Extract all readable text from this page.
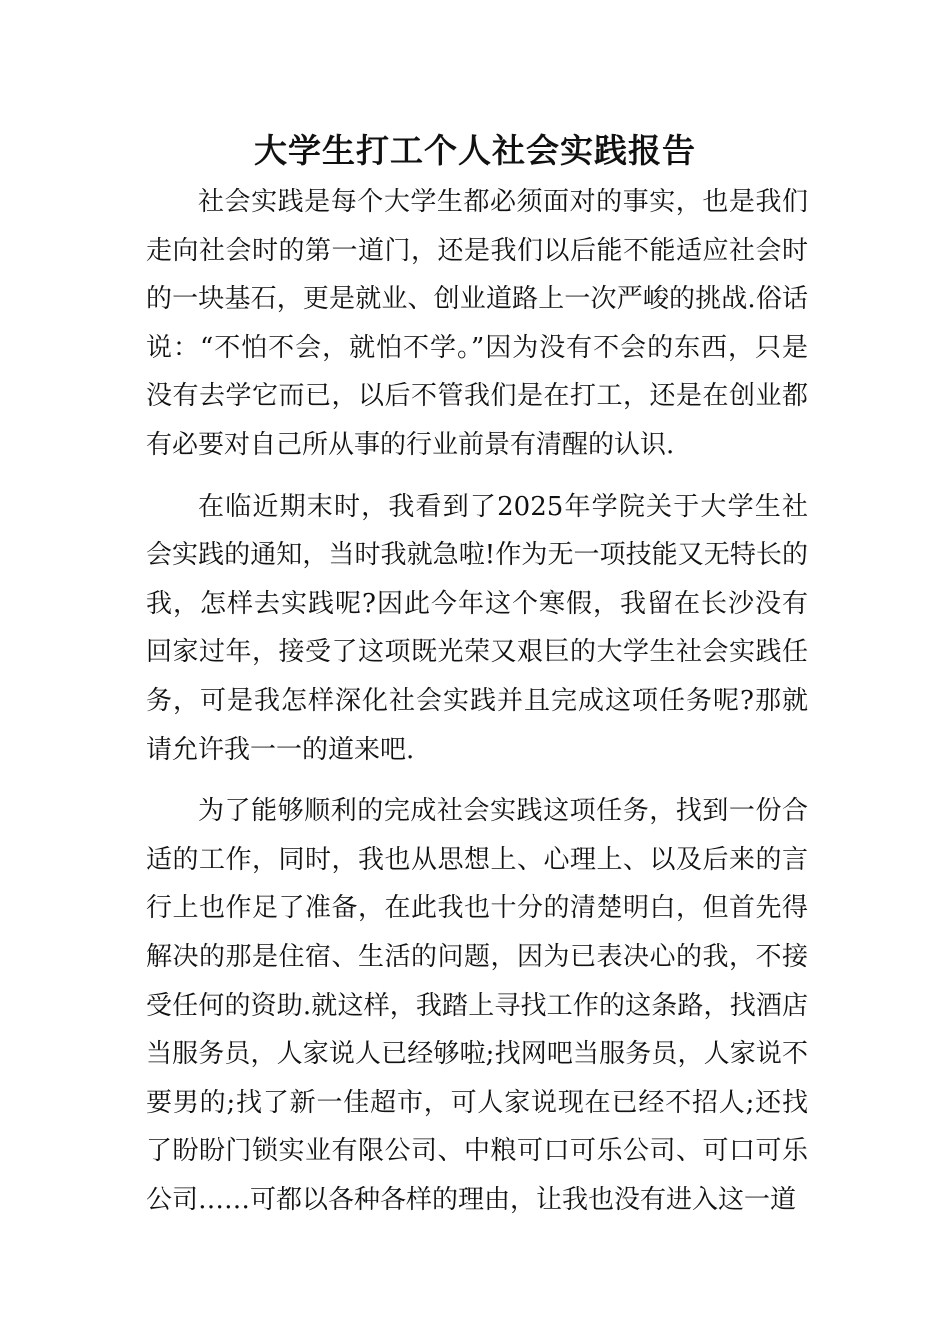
大学生打工个人社会实践报告

社会实践是每个大学生都必须面对的事实，也是我们走向社会时的第一道门，还是我们以后能不能适应社会时的一块基石，更是就业、创业道路上一次严峻的挑战.俗话说：“不怕不会，就怕不学。”因为没有不会的东西，只是没有去学它而已，以后不管我们是在打工，还是在创业都有必要对自己所从事的行业前景有清醒的认识.

在临近期末时，我看到了2025年学院关于大学生社会实践的通知，当时我就急啦!作为无一项技能又无特长的我，怎样去实践呢?因此今年这个寒假，我留在长沙没有回家过年，接受了这项既光荣又艰巨的大学生社会实践任务，可是我怎样深化社会实践并且完成这项任务呢?那就请允许我一一的道来吧.

为了能够顺利的完成社会实践这项任务，找到一份合适的工作，同时，我也从思想上、心理上、以及后来的言行上也作足了准备，在此我也十分的清楚明白，但首先得解决的那是住宿、生活的问题，因为已表决心的我，不接受任何的资助.就这样，我踏上寻找工作的这条路，找酒店当服务员，人家说人已经够啦;找网吧当服务员，人家说不要男的;找了新一佳超市，可人家说现在已经不招人;还找了盼盼门锁实业有限公司、中粮可口可乐公司、可口可乐公司……可都以各种各样的理由，让我也没有进入这一道
